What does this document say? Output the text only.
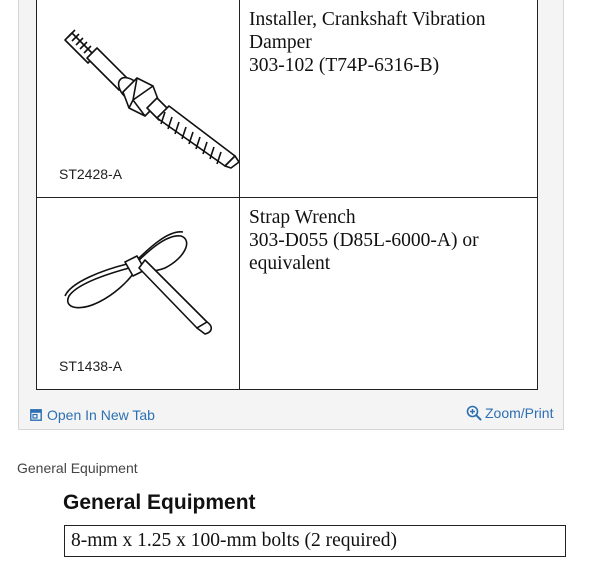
ST2428-A	Installer, Crankshaft Vibration
Damper
303-102 (T74P-6316-B)

ST1438-A	Strap Wrench
303-D055 (D85L-6000-A) or
equivalent
Open In New Tab	Zoom/Print
General Equipment
General Equipment
8-mm x 1.25 x 100-mm bolts (2 required)
